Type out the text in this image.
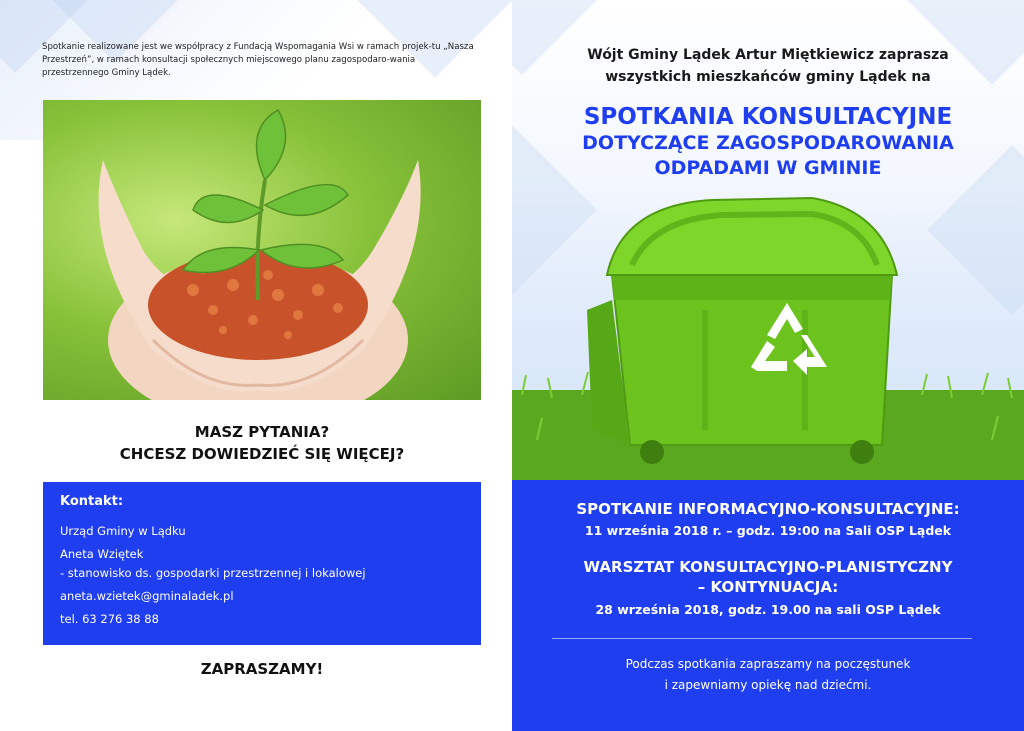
Spotkanie realizowane jest we współpracy z Fundacją Wspomagania Wsi w ramach projek-tu „Nasza Przestrzeń”, w ramach konsultacji społecznych miejscowego planu zagospodaro-wania przestrzennego Gminy Lądek.
MASZ PYTANIA?
CHCESZ DOWIEDZIEĆ SIĘ WIĘCEJ?
Kontakt:
Urząd Gminy w Lądku
Aneta Wziętek
- stanowisko ds. gospodarki przestrzennej i lokalowej
aneta.wzietek@gminaladek.pl
tel. 63 276 38 88
ZAPRASZAMY!
Wójt Gminy Lądek Artur Miętkiewicz zaprasza
wszystkich mieszkańców gminy Lądek na
SPOTKANIA KONSULTACYJNE
DOTYCZĄCE ZAGOSPODAROWANIA
ODPADAMI W GMINIE
SPOTKANIE INFORMACYJNO-KONSULTACYJNE:
11 września 2018 r. – godz. 19:00 na Sali OSP Lądek
WARSZTAT KONSULTACYJNO-PLANISTYCZNY
– KONTYNUACJA:
28 września 2018, godz. 19.00 na sali OSP Lądek
Podczas spotkania zapraszamy na poczęstunek
i zapewniamy opiekę nad dziećmi.
